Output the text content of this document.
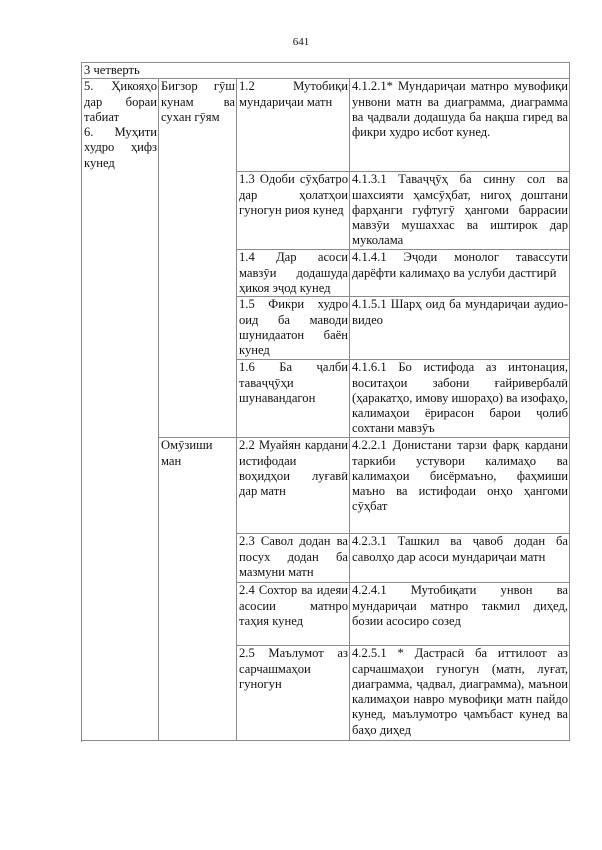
641
3 четверть			

5. Ҳикояҳо дар бораи табиат
6. Муҳити худро ҳифз кунед	Бигзор гӯш кунам ва сухан гӯям	1.2 Мутобиқи мундариҷаи матн	4.1.2.1* Мундариҷаи матнро мувофиқи унвони матн ва диаграмма, диаграмма ва ҷадвали додашуда ба нақша гиред ва фикри худро исбот кунед.
		1.3 Одоби сӯҳбатро дар ҳолатҳои гуногун риоя кунед	4.1.3.1 Таваҷҷӯҳ ба синну сол ва шахсияти ҳамсӯҳбат, нигоҳ доштани фарҳанги гуфтугӯ ҳангоми баррасии мавзӯи мушаххас ва иштирок дар муколама
		1.4 Дар асоси мавзӯи додашуда ҳикоя эҷод кунед	4.1.4.1 Эҷоди монолог тавассути дарёфти калимаҳо ва услуби дастгирӣ
		1.5 Фикри худро оид ба маводи шунидаатон баён кунед	4.1.5.1 Шарҳ оид ба мундариҷаи аудио-видео
		1.6 Ба ҷалби таваҷҷӯҳи шунавандагон	4.1.6.1 Бо истифода аз интонация, воситаҳои забони ғайривербалӣ (ҳаракатҳо, имову ишораҳо) ва изофаҳо, калимаҳои ёрирасон барои ҷолиб сохтани мавзӯъ
	Омӯзиши ман	2.2 Муайян кардани истифодаи воҳидҳои луғавӣ дар матн	4.2.2.1 Донистани тарзи фарқ кардани таркиби устувори калимаҳо ва калимаҳои бисёрмаъно, фаҳмиши маъно ва истифодаи онҳо ҳангоми сӯҳбат
		2.3 Савол додан ва посух додан ба мазмуни матн	4.2.3.1 Ташкил ва ҷавоб додан ба саволҳо дар асоси мундариҷаи матн
		2.4 Сохтор ва идеяи асосии матнро таҳия кунед	4.2.4.1 Мутобиқати унвон ва мундариҷаи матнро такмил диҳед, бозии асосиро созед
		2.5 Маълумот аз сарчашмаҳои гуногун	4.2.5.1 * Дастрасӣ ба иттилоот аз сарчашмаҳои гуногун (матн, луғат, диаграмма, ҷадвал, диаграмма), маънои калимаҳои навро мувофиқи матн пайдо кунед, маълумотро ҷамъбаст кунед ва баҳо диҳед
